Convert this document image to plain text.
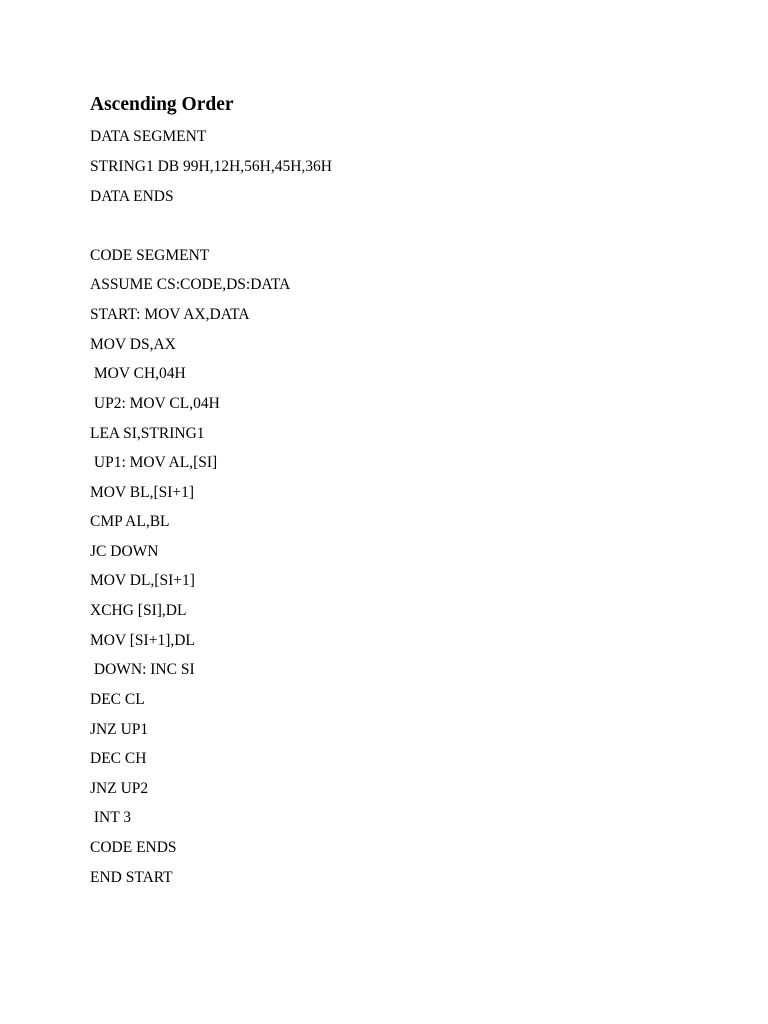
Ascending Order
DATA SEGMENT
STRING1 DB 99H,12H,56H,45H,36H
DATA ENDS
CODE SEGMENT
ASSUME CS:CODE,DS:DATA
START: MOV AX,DATA
MOV DS,AX
MOV CH,04H
UP2: MOV CL,04H
LEA SI,STRING1
UP1: MOV AL,[SI]
MOV BL,[SI+1]
CMP AL,BL
JC DOWN
MOV DL,[SI+1]
XCHG [SI],DL
MOV [SI+1],DL
DOWN: INC SI
DEC CL
JNZ UP1
DEC CH
JNZ UP2
INT 3
CODE ENDS
END START
